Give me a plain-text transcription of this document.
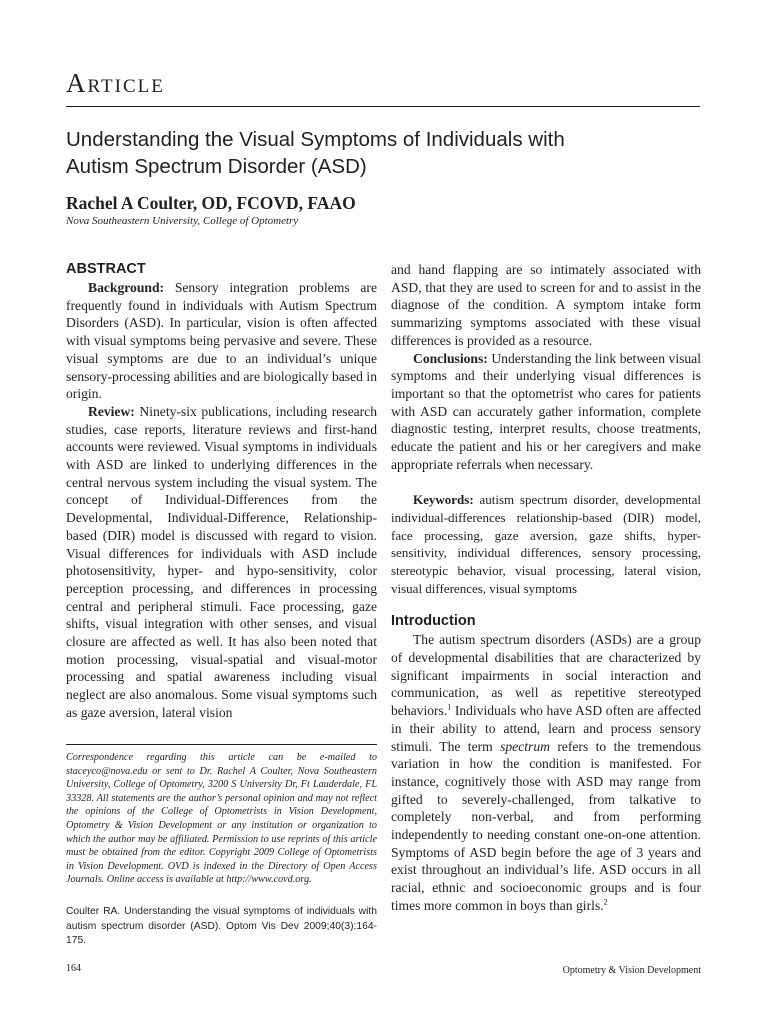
Article
Understanding the Visual Symptoms of Individuals with
Autism Spectrum Disorder (ASD)
Rachel A Coulter, OD, FCOVD, FAAO
Nova Southeastern University, College of Optometry
ABSTRACT

Background: Sensory integration problems are frequently found in individuals with Autism Spectrum Disorders (ASD). In particular, vision is often affected with visual symptoms being pervasive and severe. These visual symptoms are due to an individual’s unique sensory-processing abilities and are biologically based in origin.

Review: Ninety-six publications, including research studies, case reports, literature reviews and first-hand accounts were reviewed. Visual symptoms in individuals with ASD are linked to underlying differences in the central nervous system including the visual system. The concept of Individual-Differences from the Developmental, Individual-Difference, Relationship-based (DIR) model is discussed with regard to vision. Visual differences for individuals with ASD include photosensitivity, hyper- and hypo-sensitivity, color perception processing, and differences in processing central and peripheral stimuli. Face processing, gaze shifts, visual integration with other senses, and visual closure are affected as well. It has also been noted that motion processing, visual-spatial and visual-motor processing and spatial awareness including visual neglect are also anomalous. Some visual symptoms such as gaze aversion, lateral vision

Correspondence regarding this article can be e-mailed to staceyco@nova.edu or sent to Dr. Rachel A Coulter, Nova Southeastern University, College of Optometry, 3200 S University Dr, Ft Lauderdale, FL 33328. All statements are the author’s personal opinion and may not reflect the opinions of the College of Optometrists in Vision Development, Optometry & Vision Development or any institution or organization to which the author may be affiliated. Permission to use reprints of this article must be obtained from the editor. Copyright 2009 College of Optometrists in Vision Development. OVD is indexed in the Directory of Open Access Journals. Online access is available at http://www.covd.org.
Coulter RA. Understanding the visual symptoms of individuals with autism spectrum disorder (ASD). Optom Vis Dev 2009;40(3):164-175.

and hand flapping are so intimately associated with ASD, that they are used to screen for and to assist in the diagnose of the condition. A symptom intake form summarizing symptoms associated with these visual differences is provided as a resource.

Conclusions: Understanding the link between visual symptoms and their underlying visual differences is important so that the optometrist who cares for patients with ASD can accurately gather information, complete diagnostic testing, interpret results, choose treatments, educate the patient and his or her caregivers and make appropriate referrals when necessary.

Keywords: autism spectrum disorder, developmental individual-differences relationship-based (DIR) model, face processing, gaze aversion, gaze shifts, hyper-sensitivity, individual differences, sensory processing, stereotypic behavior, visual processing, lateral vision, visual differences, visual symptoms

Introduction

The autism spectrum disorders (ASDs) are a group of developmental disabilities that are characterized by significant impairments in social interaction and communication, as well as repetitive stereotyped behaviors.$^1$ Individuals who have ASD often are affected in their ability to attend, learn and process sensory stimuli. The term spectrum refers to the tremendous variation in how the condition is manifested. For instance, cognitively those with ASD may range from gifted to severely-challenged, from talkative to completely non-verbal, and from performing independently to needing constant one-on-one attention. Symptoms of ASD begin before the age of 3 years and exist throughout an individual’s life. ASD occurs in all racial, ethnic and socioeconomic groups and is four times more common in boys than girls.$^2$

164	Optometry & Vision Development
